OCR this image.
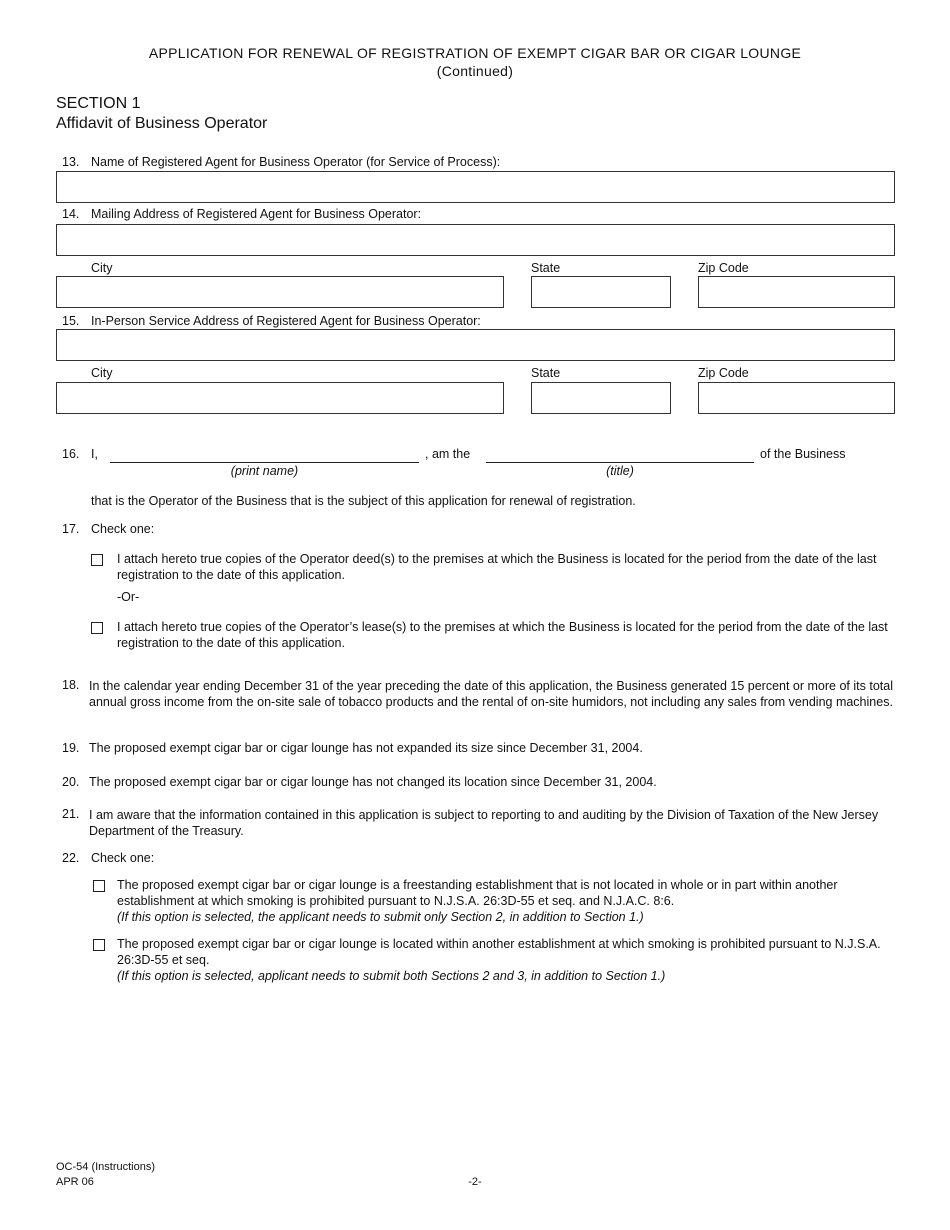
APPLICATION FOR RENEWAL OF REGISTRATION OF EXEMPT CIGAR BAR OR CIGAR LOUNGE
(Continued)
SECTION 1
Affidavit of Business Operator
13. Name of Registered Agent for Business Operator (for Service of Process):
14. Mailing Address of Registered Agent for Business Operator:
City	State	Zip Code
15. In-Person Service Address of Registered Agent for Business Operator:
City	State	Zip Code
16. I,	, am the	of the Business
(print name)	(title)
that is the Operator of the Business that is the subject of this application for renewal of registration.
17. Check one:
I attach hereto true copies of the Operator deed(s) to the premises at which the Business is located for the period from the date of the last registration to the date of this application.
-Or-
I attach hereto true copies of the Operator’s lease(s) to the premises at which the Business is located for the period from the date of the last registration to the date of this application.
18. In the calendar year ending December 31 of the year preceding the date of this application, the Business generated 15 percent or more of its total annual gross income from the on-site sale of tobacco products and the rental of on-site humidors, not including any sales from vending machines.
19. The proposed exempt cigar bar or cigar lounge has not expanded its size since December 31, 2004.
20. The proposed exempt cigar bar or cigar lounge has not changed its location since December 31, 2004.
21. I am aware that the information contained in this application is subject to reporting to and auditing by the Division of Taxation of the New Jersey Department of the Treasury.
22. Check one:
The proposed exempt cigar bar or cigar lounge is a freestanding establishment that is not located in whole or in part within another establishment at which smoking is prohibited pursuant to N.J.S.A. 26:3D-55 et seq. and N.J.A.C. 8:6.
(If this option is selected, the applicant needs to submit only Section 2, in addition to Section 1.)
The proposed exempt cigar bar or cigar lounge is located within another establishment at which smoking is prohibited pursuant to N.J.S.A. 26:3D-55 et seq.
(If this option is selected, applicant needs to submit both Sections 2 and 3, in addition to Section 1.)
OC-54 (Instructions)
APR 06	-2-
